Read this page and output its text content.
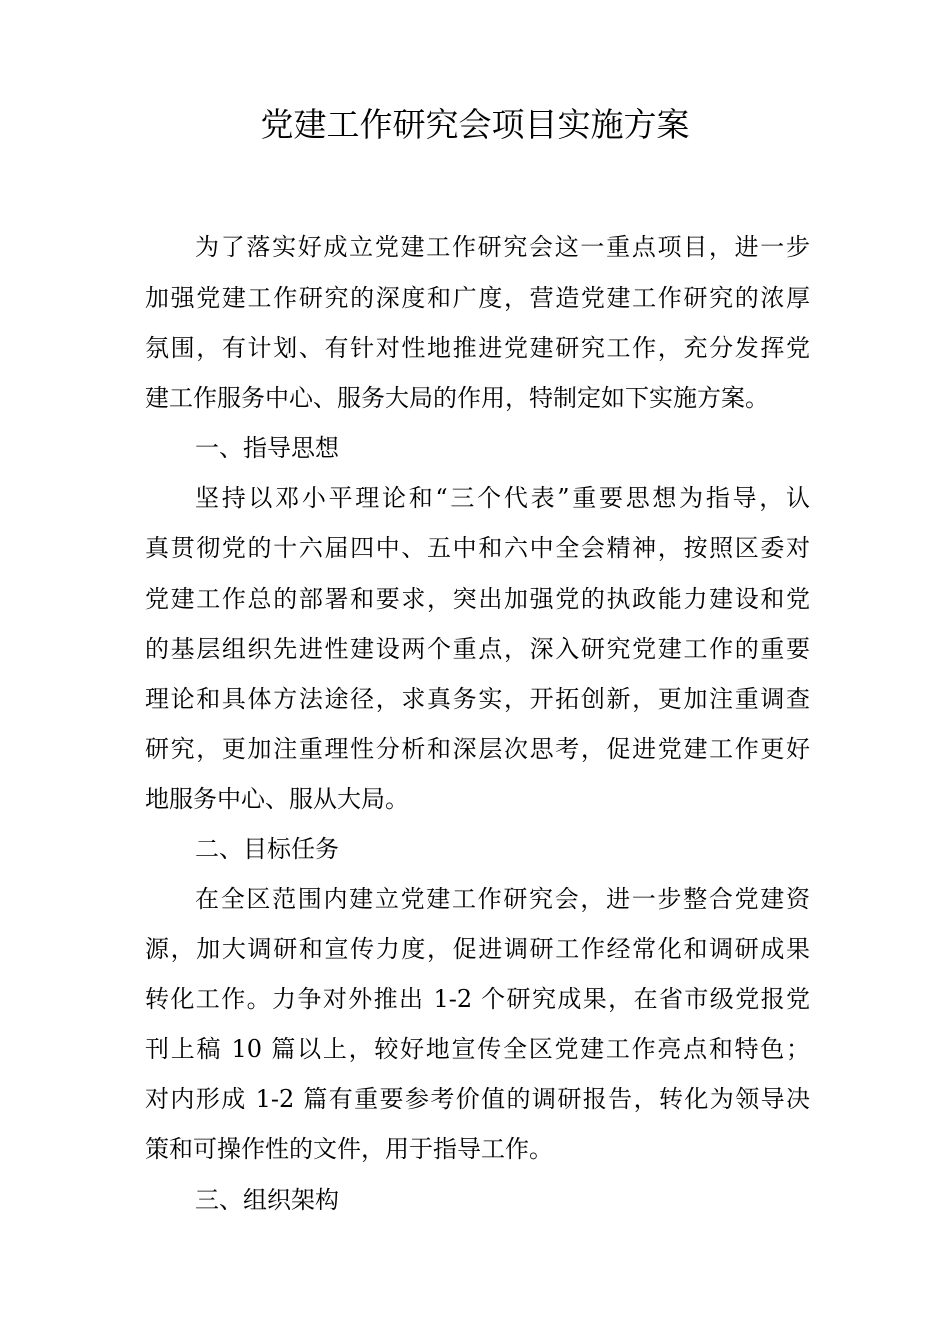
党建工作研究会项目实施方案

为了落实好成立党建工作研究会这一重点项目，进一步

加强党建工作研究的深度和广度，营造党建工作研究的浓厚

氛围，有计划、有针对性地推进党建研究工作，充分发挥党

建工作服务中心、服务大局的作用，特制定如下实施方案。

一、指导思想

坚持以邓小平理论和“三个代表”重要思想为指导，认

真贯彻党的十六届四中、五中和六中全会精神，按照区委对

党建工作总的部署和要求，突出加强党的执政能力建设和党

的基层组织先进性建设两个重点，深入研究党建工作的重要

理论和具体方法途径，求真务实，开拓创新，更加注重调查

研究，更加注重理性分析和深层次思考，促进党建工作更好

地服务中心、服从大局。

二、目标任务

在全区范围内建立党建工作研究会，进一步整合党建资

源，加大调研和宣传力度，促进调研工作经常化和调研成果

转化工作。力争对外推出 1-2 个研究成果，在省市级党报党

刊上稿 10 篇以上，较好地宣传全区党建工作亮点和特色；

对内形成 1-2 篇有重要参考价值的调研报告，转化为领导决

策和可操作性的文件，用于指导工作。

三、组织架构
